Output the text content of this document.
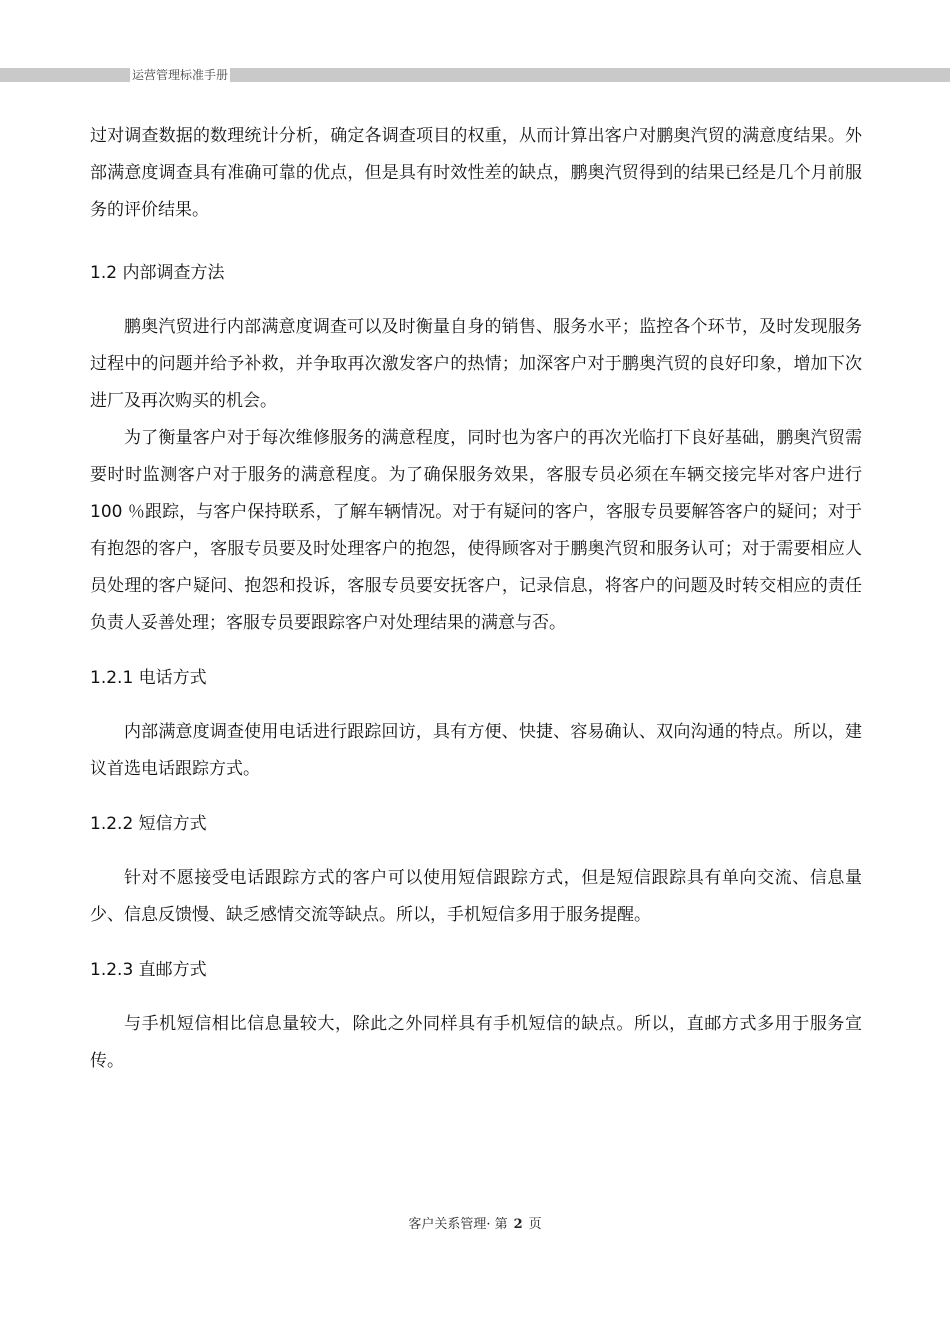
运营管理标准手册

过对调查数据的数理统计分析，确定各调查项目的权重，从而计算出客户对鹏奥汽贸的满意度结果。外部满意度调查具有准确可靠的优点，但是具有时效性差的缺点，鹏奥汽贸得到的结果已经是几个月前服务的评价结果。

1.2 内部调查方法

鹏奥汽贸进行内部满意度调查可以及时衡量自身的销售、服务水平；监控各个环节，及时发现服务过程中的问题并给予补救，并争取再次激发客户的热情；加深客户对于鹏奥汽贸的良好印象，增加下次进厂及再次购买的机会。

为了衡量客户对于每次维修服务的满意程度，同时也为客户的再次光临打下良好基础，鹏奥汽贸需要时时监测客户对于服务的满意程度。为了确保服务效果，客服专员必须在车辆交接完毕对客户进行 100 ％跟踪，与客户保持联系，了解车辆情况。对于有疑问的客户，客服专员要解答客户的疑问；对于有抱怨的客户，客服专员要及时处理客户的抱怨，使得顾客对于鹏奥汽贸和服务认可；对于需要相应人员处理的客户疑问、抱怨和投诉，客服专员要安抚客户，记录信息，将客户的问题及时转交相应的责任负责人妥善处理；客服专员要跟踪客户对处理结果的满意与否。

1.2.1 电话方式

内部满意度调查使用电话进行跟踪回访，具有方便、快捷、容易确认、双向沟通的特点。所以，建议首选电话跟踪方式。

1.2.2 短信方式

针对不愿接受电话跟踪方式的客户可以使用短信跟踪方式，但是短信跟踪具有单向交流、信息量少、信息反馈慢、缺乏感情交流等缺点。所以，手机短信多用于服务提醒。

1.2.3 直邮方式

与手机短信相比信息量较大，除此之外同样具有手机短信的缺点。所以，直邮方式多用于服务宣传。

客户关系管理· 第 2 页
